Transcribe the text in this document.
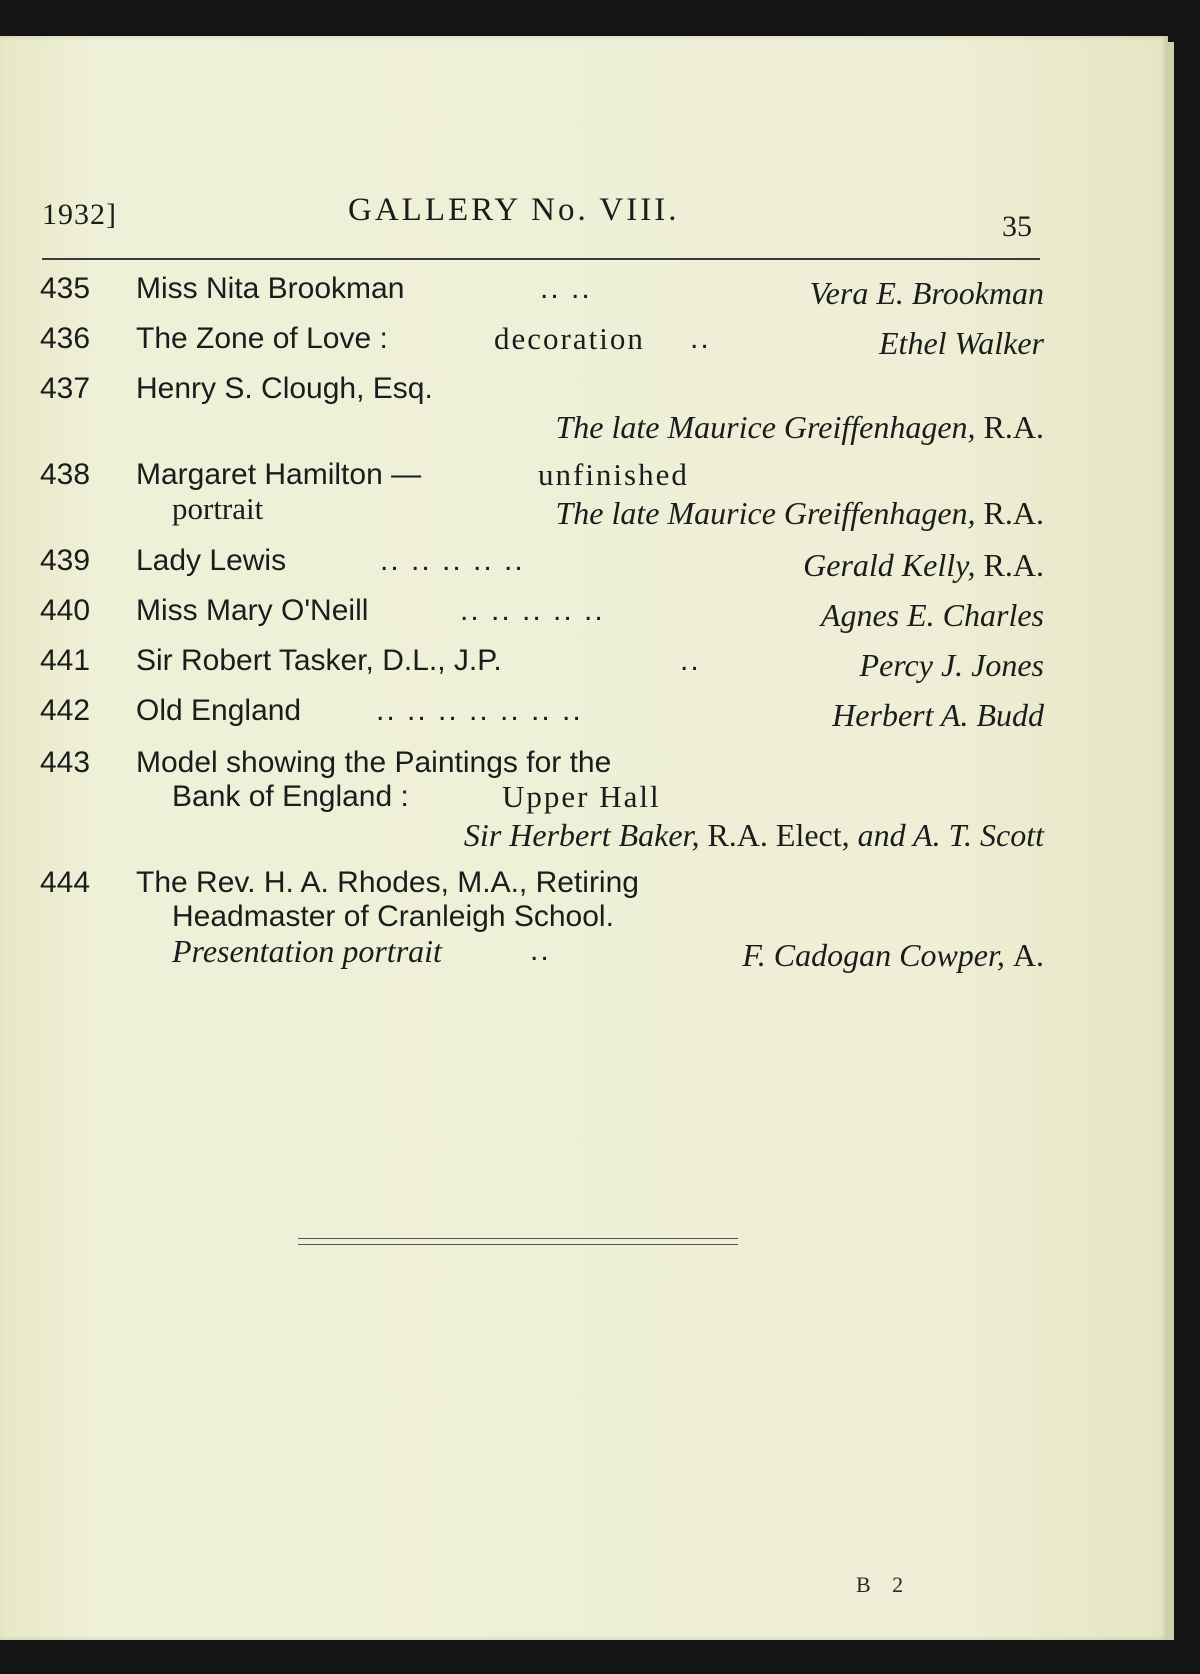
1932]	GALLERY No. VIII.	35
435	Miss Nita Brookman	.. ..	Vera E. Brookman
436	The Zone of Love :	decoration ..	Ethel Walker
437	Henry S. Clough, Esq.
The late Maurice Greiffenhagen, R.A.
438	Margaret Hamilton —	unfinished
portrait	The late Maurice Greiffenhagen, R.A.
439	Lady Lewis	.. .. .. .. ..	Gerald Kelly, R.A.
440	Miss Mary O'Neill	.. .. .. .. ..	Agnes E. Charles
441	Sir Robert Tasker, D.L., J.P.	..	Percy J. Jones
442	Old England .. .. .. .. .. .. ..	Herbert A. Budd
443	Model showing the Paintings for the
Bank of England :	Upper Hall
Sir Herbert Baker, R.A. Elect, and A. T. Scott
444	The Rev. H. A. Rhodes, M.A., Retiring
Headmaster of Cranleigh School.
Presentation portrait	..	F. Cadogan Cowper, A.
B 2
